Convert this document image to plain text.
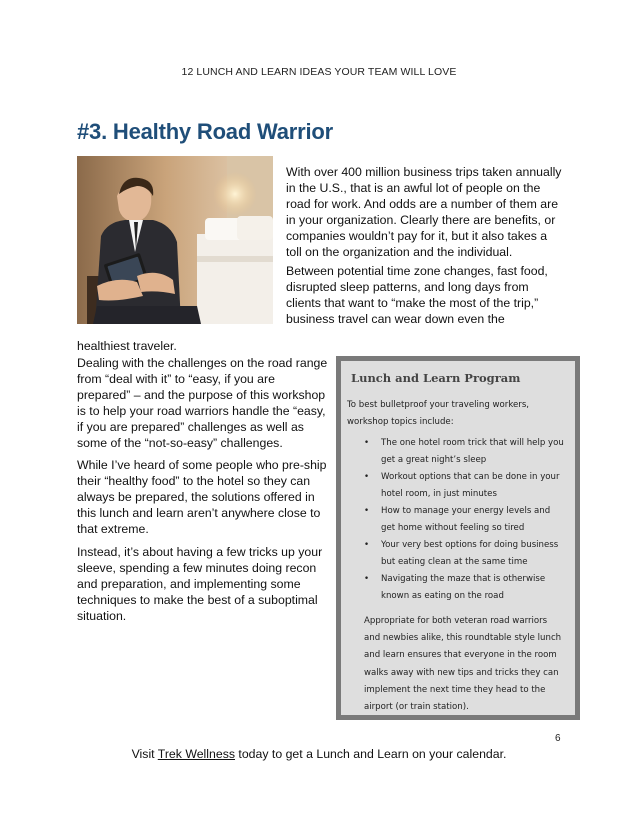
12 LUNCH AND LEARN IDEAS YOUR TEAM WILL LOVE
#3. Healthy Road Warrior

With over 400 million business trips taken annually in the U.S., that is an awful lot of people on the road for work. And odds are a number of them are in your organization. Clearly there are benefits, or companies wouldn’t pay for it, but it also takes a toll on the organization and the individual.

Between potential time zone changes, fast food, disrupted sleep patterns, and long days from clients that want to “make the most of the trip,” business travel can wear down even the

healthiest traveler.

Dealing with the challenges on the road range from “deal with it” to “easy, if you are prepared” – and the purpose of this workshop is to help your road warriors handle the “easy, if you are prepared” challenges as well as some of the “not-so-easy” challenges.

While I’ve heard of some people who pre-ship their “healthy food” to the hotel so they can always be prepared, the solutions offered in this lunch and learn aren’t anywhere close to that extreme.

Instead, it’s about having a few tricks up your sleeve, spending a few minutes doing recon and preparation, and implementing some techniques to make the best of a suboptimal situation.

Lunch and Learn Program
To best bulletproof your traveling workers, workshop topics include:
• The one hotel room trick that will help you get a great night’s sleep
• Workout options that can be done in your hotel room, in just minutes
• How to manage your energy levels and get home without feeling so tired
• Your very best options for doing business but eating clean at the same time
• Navigating the maze that is otherwise known as eating on the road
Appropriate for both veteran road warriors and newbies alike, this roundtable style lunch and learn ensures that everyone in the room walks away with new tips and tricks they can implement the next time they head to the airport (or train station).
6
Visit Trek Wellness today to get a Lunch and Learn on your calendar.
